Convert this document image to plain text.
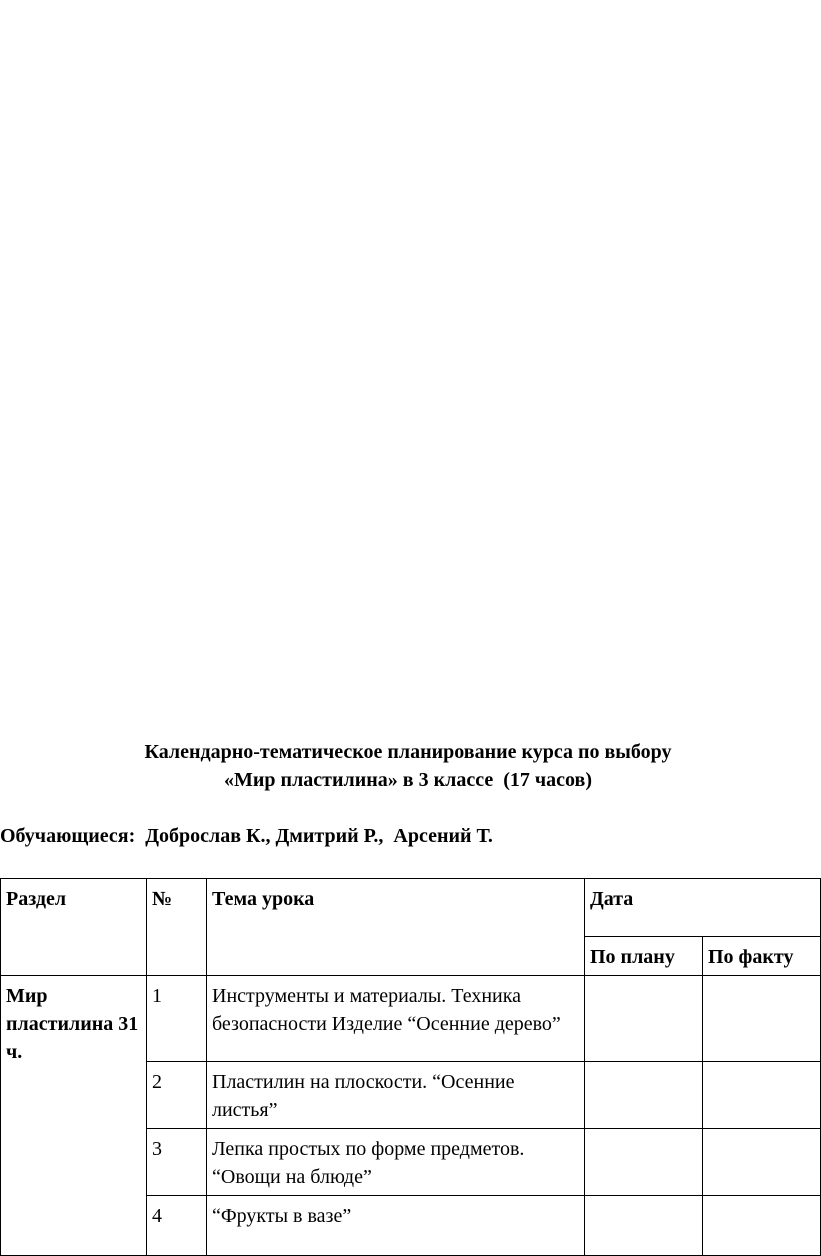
Календарно-тематическое планирование курса по выбору
«Мир пластилина» в 3 классе  (17 часов)
Обучающиеся:  Доброслав К., Дмитрий Р.,  Арсений Т.
Раздел	№	Тема урока	Дата	
			По плану	По факту
Мир пластилина 31 ч.	1	Инструменты и материалы. Техника безопасности Изделие “Осенние дерево”		
	2	Пластилин на плоскости. “Осенние листья”		
	3	Лепка простых по форме предметов. “Овощи на блюде”		
	4	“Фрукты в вазе”		
